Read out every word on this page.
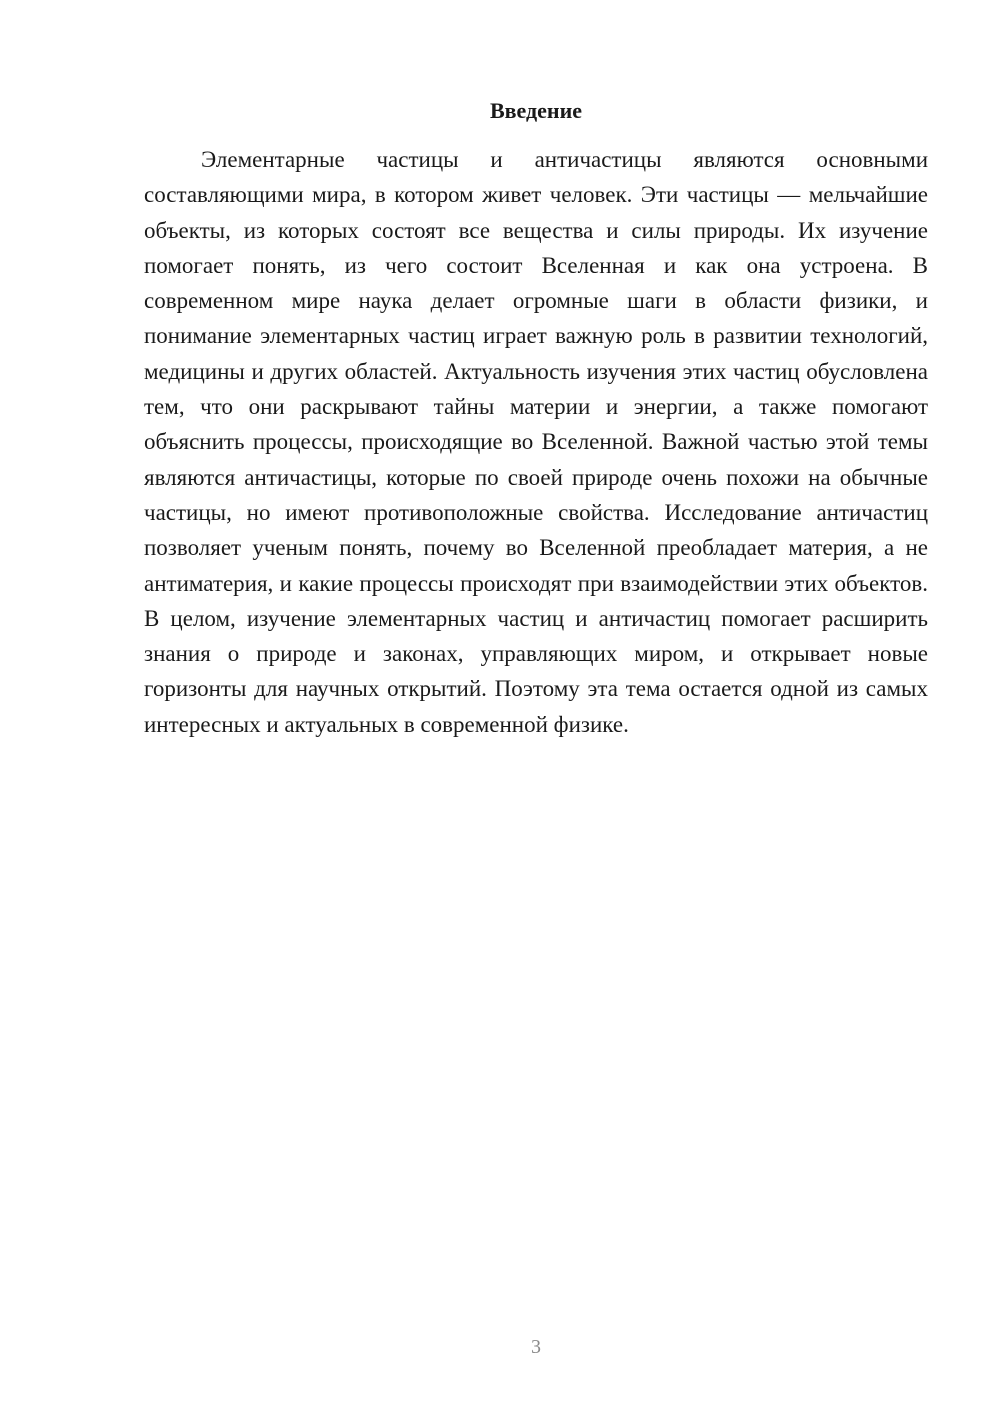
Введение

Элементарные частицы и античастицы являются основными составляющими мира, в котором живет человек. Эти частицы — мельчайшие объекты, из которых состоят все вещества и силы природы. Их изучение помогает понять, из чего состоит Вселенная и как она устроена. В современном мире наука делает огромные шаги в области физики, и понимание элементарных частиц играет важную роль в развитии технологий, медицины и других областей. Актуальность изучения этих частиц обусловлена тем, что они раскрывают тайны материи и энергии, а также помогают объяснить процессы, происходящие во Вселенной. Важной частью этой темы являются античастицы, которые по своей природе очень похожи на обычные частицы, но имеют противоположные свойства. Исследование античастиц позволяет ученым понять, почему во Вселенной преобладает материя, а не антиматерия, и какие процессы происходят при взаимодействии этих объектов. В целом, изучение элементарных частиц и античастиц помогает расширить знания о природе и законах, управляющих миром, и открывает новые горизонты для научных открытий. Поэтому эта тема остается одной из самых интересных и актуальных в современной физике.

3
